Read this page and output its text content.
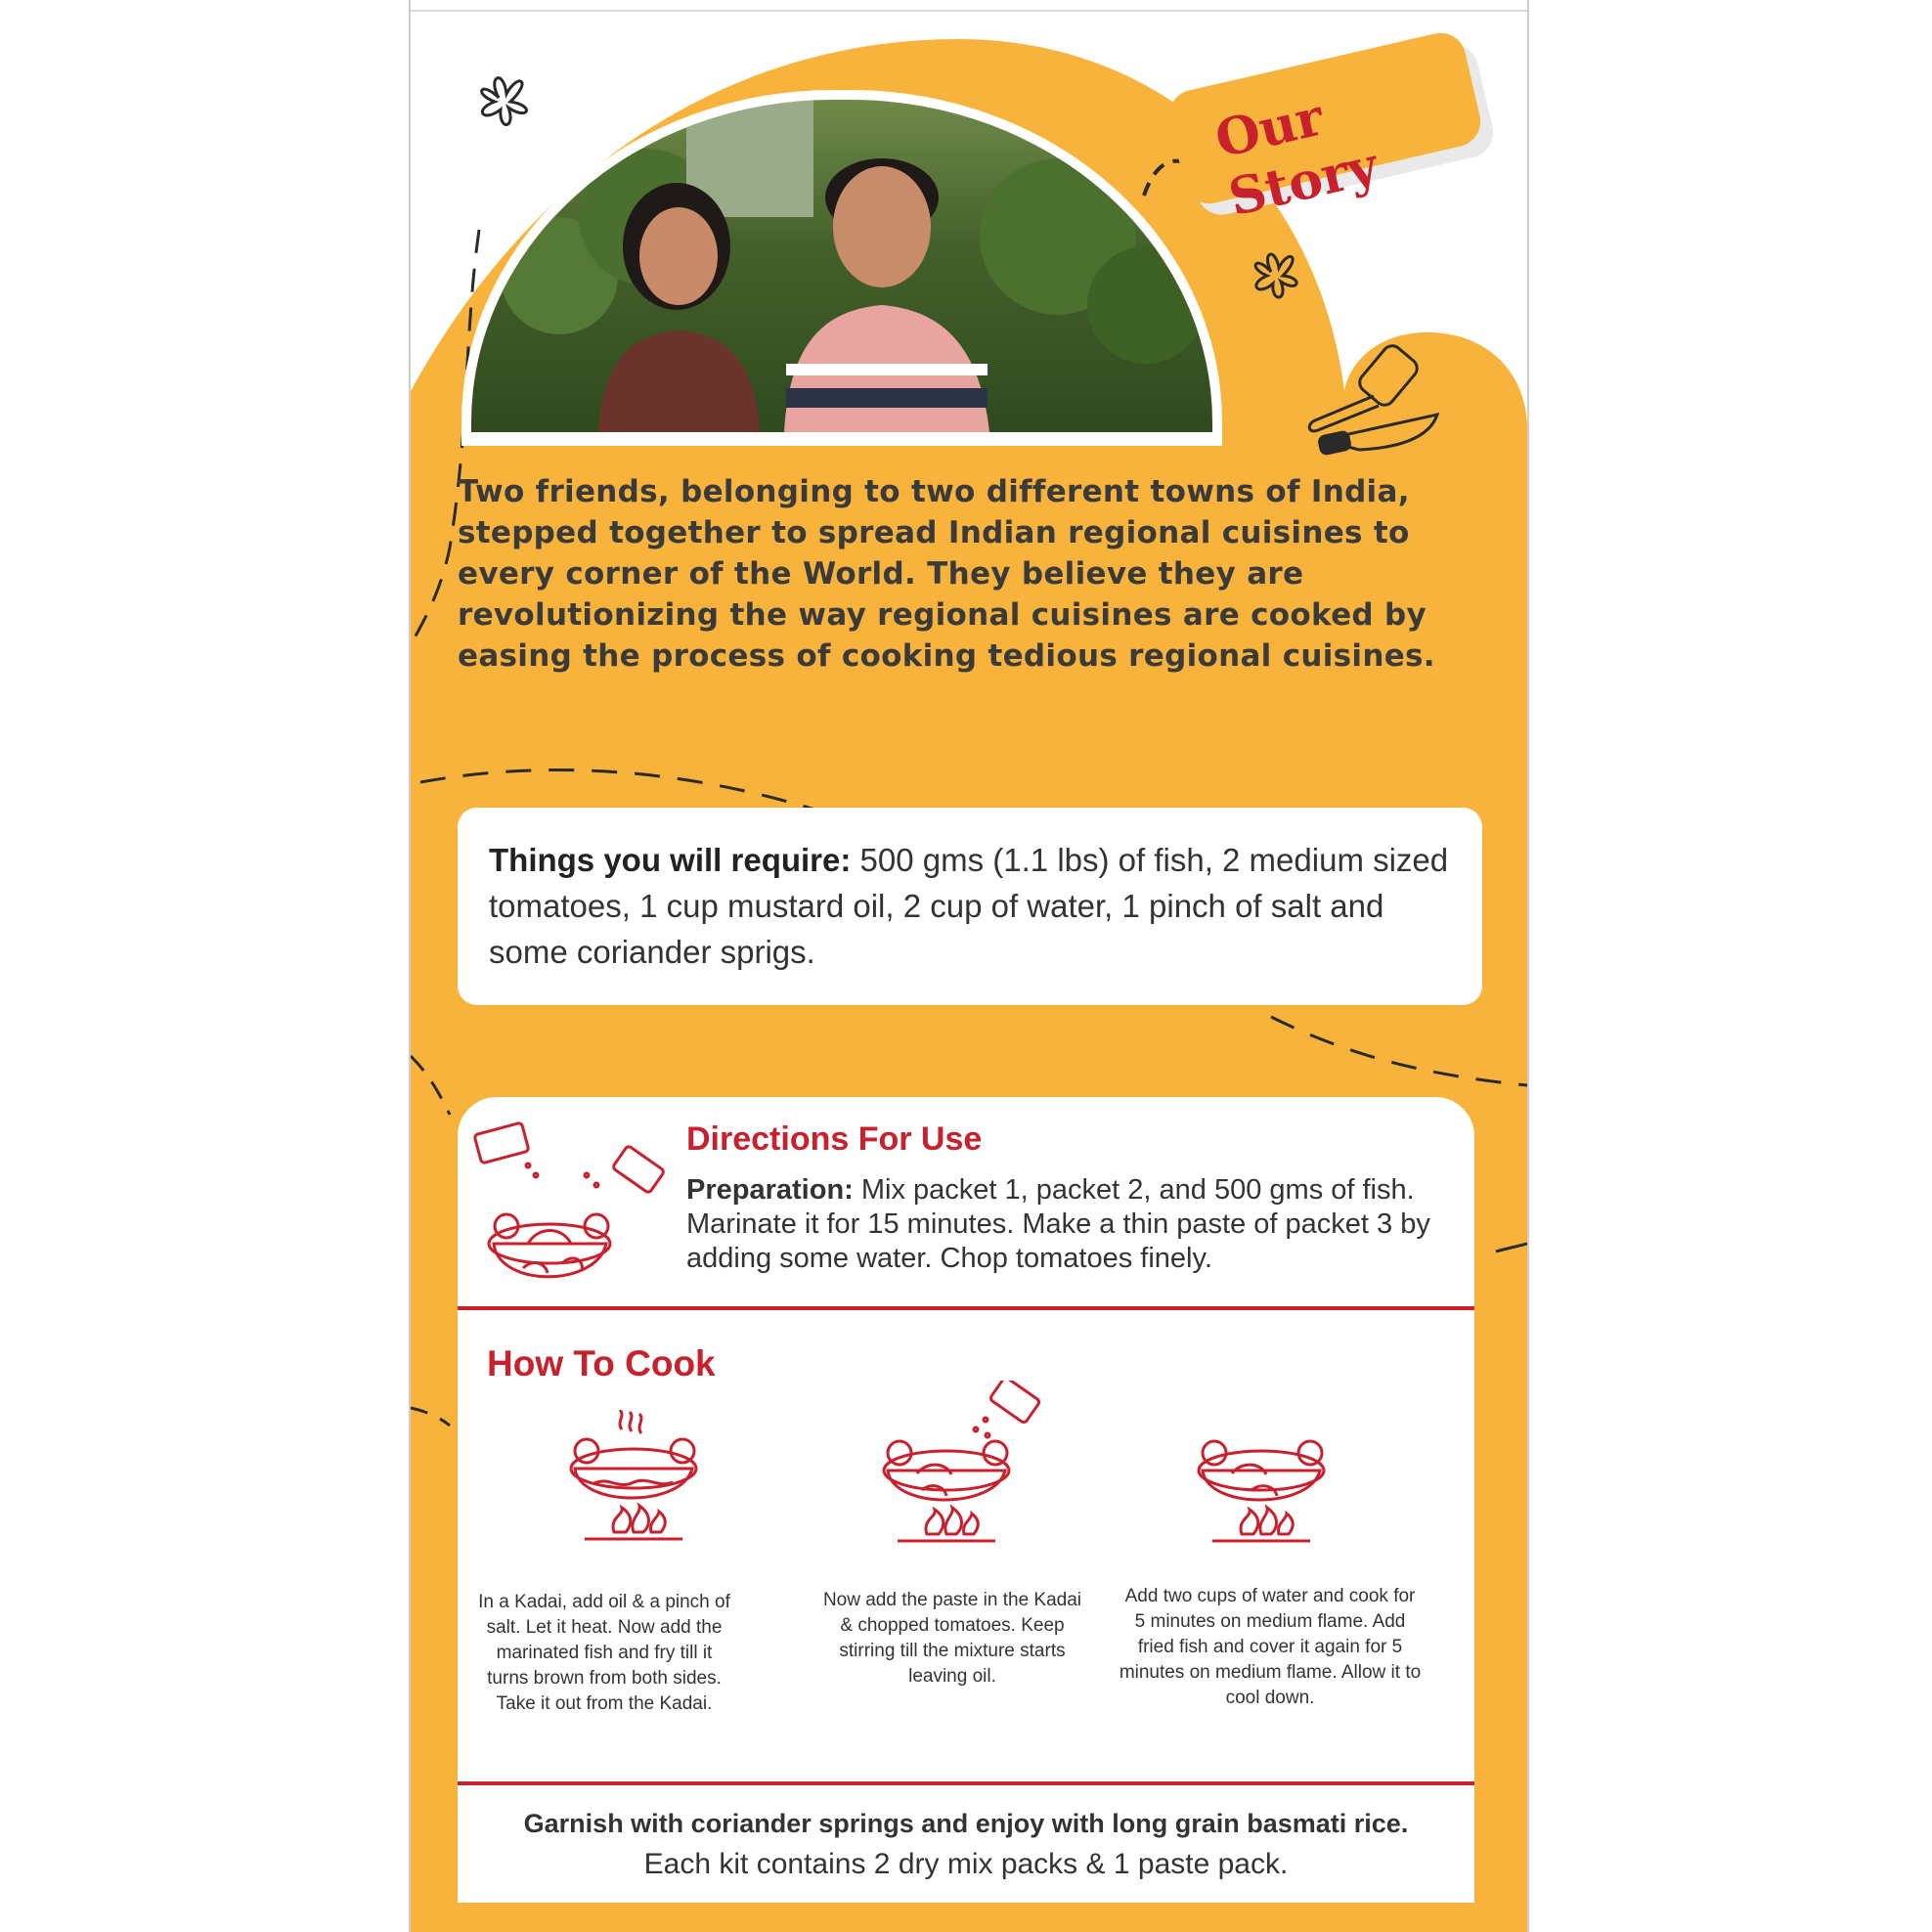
Our Story
Two friends, belonging to two different towns of India, stepped together to spread Indian regional cuisines to every corner of the World. They believe they are revolutionizing the way regional cuisines are cooked by easing the process of cooking tedious regional cuisines.
Things you will require: 500 gms (1.1 lbs) of fish, 2 medium sized tomatoes, 1 cup mustard oil, 2 cup of water, 1 pinch of salt and some coriander sprigs.
Directions For Use
Preparation: Mix packet 1, packet 2, and 500 gms of fish. Marinate it for 15 minutes. Make a thin paste of packet 3 by adding some water. Chop tomatoes finely.
How To Cook
In a Kadai, add oil & a pinch of salt. Let it heat. Now add the marinated fish and fry till it turns brown from both sides. Take it out from the Kadai.
Now add the paste in the Kadai & chopped tomatoes. Keep stirring till the mixture starts leaving oil.
Add two cups of water and cook for 5 minutes on medium flame. Add fried fish and cover it again for 5 minutes on medium flame. Allow it to cool down.
Garnish with coriander springs and enjoy with long grain basmati rice.
Each kit contains 2 dry mix packs & 1 paste pack.
